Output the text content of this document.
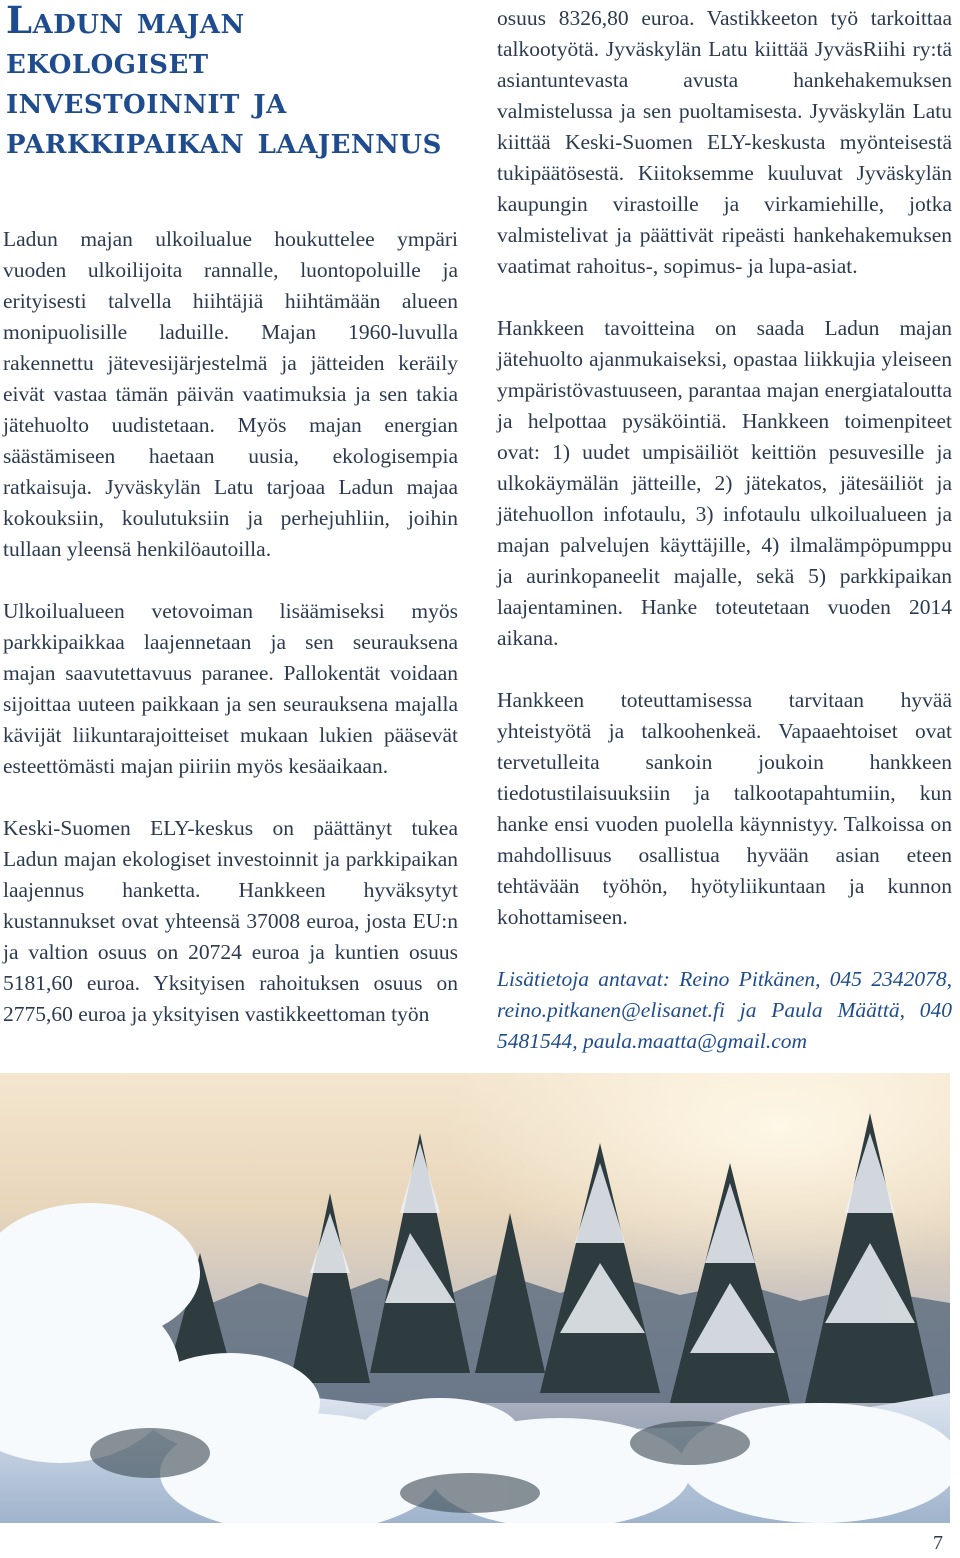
Ladun majan ekologiset investoinnit ja parkkipaikan laajennus

Ladun majan ulkoilualue houkuttelee ympäri vuoden ulkoilijoita rannalle, luontopoluille ja erityisesti talvella hiihtäjiä hiihtämään alueen monipuolisille laduille. Majan 1960-luvulla rakennettu jätevesijärjestelmä ja jätteiden keräily eivät vastaa tämän päivän vaatimuksia ja sen takia jätehuolto uudistetaan. Myös majan energian säästämiseen haetaan uusia, ekologisempia ratkaisuja. Jyväskylän Latu tarjoaa Ladun majaa kokouksiin, koulutuksiin ja perhejuhliin, joihin tullaan yleensä henkilöautoilla.

Ulkoilualueen vetovoiman lisäämiseksi myös parkkipaikkaa laajennetaan ja sen seurauksena majan saavutettavuus paranee. Pallokentät voidaan sijoittaa uuteen paikkaan ja sen seurauksena majalla kävijät liikuntarajoitteiset mukaan lukien pääsevät esteettömästi majan piiriin myös kesäaikaan.

Keski-Suomen ELY-keskus on päättänyt tukea Ladun majan ekologiset investoinnit ja parkkipaikan laajennus hanketta. Hankkeen hyväksytyt kustannukset ovat yhteensä 37008 euroa, josta EU:n ja valtion osuus on 20724 euroa ja kuntien osuus 5181,60 euroa. Yksityisen rahoituksen osuus on 2775,60 euroa ja yksityisen vastikkeettoman työn

osuus 8326,80 euroa. Vastikkeeton työ tarkoittaa talkootyötä. Jyväskylän Latu kiittää JyväsRiihi ry:tä asiantuntevasta avusta hankehakemuksen valmistelussa ja sen puoltamisesta. Jyväskylän Latu kiittää Keski-Suomen ELY-keskusta myönteisestä tukipäätösestä. Kiitoksemme kuuluvat Jyväskylän kaupungin virastoille ja virkamiehille, jotka valmistelivat ja päättivät ripeästi hankehakemuksen vaatimat rahoitus-, sopimus- ja lupa-asiat.

Hankkeen tavoitteina on saada Ladun majan jätehuolto ajanmukaiseksi, opastaa liikkujia yleiseen ympäristövastuuseen, parantaa majan energiataloutta ja helpottaa pysäköintiä. Hankkeen toimenpiteet ovat: 1) uudet umpisäiliöt keittiön pesuvesille ja ulkokäymälän jätteille, 2) jätekatos, jätesäiliöt ja jätehuollon infotaulu, 3) infotaulu ulkoilualueen ja majan palvelujen käyttäjille, 4) ilmalämpöpumppu ja aurinkopaneelit majalle, sekä 5) parkkipaikan laajentaminen. Hanke toteutetaan vuoden 2014 aikana.

Hankkeen toteuttamisessa tarvitaan hyvää yhteistyötä ja talkoohenkeä. Vapaaehtoiset ovat tervetulleita sankoin joukoin hankkeen tiedotustilaisuuksiin ja talkootapahtumiin, kun hanke ensi vuoden puolella käynnistyy. Talkoissa on mahdollisuus osallistua hyvään asian eteen tehtävään työhön, hyötyliikuntaan ja kunnon kohottamiseen.

Lisätietoja antavat: Reino Pitkänen, 045 2342078, reino.pitkanen@elisanet.fi ja Paula Määttä, 040 5481544, paula.maatta@gmail.com

7
